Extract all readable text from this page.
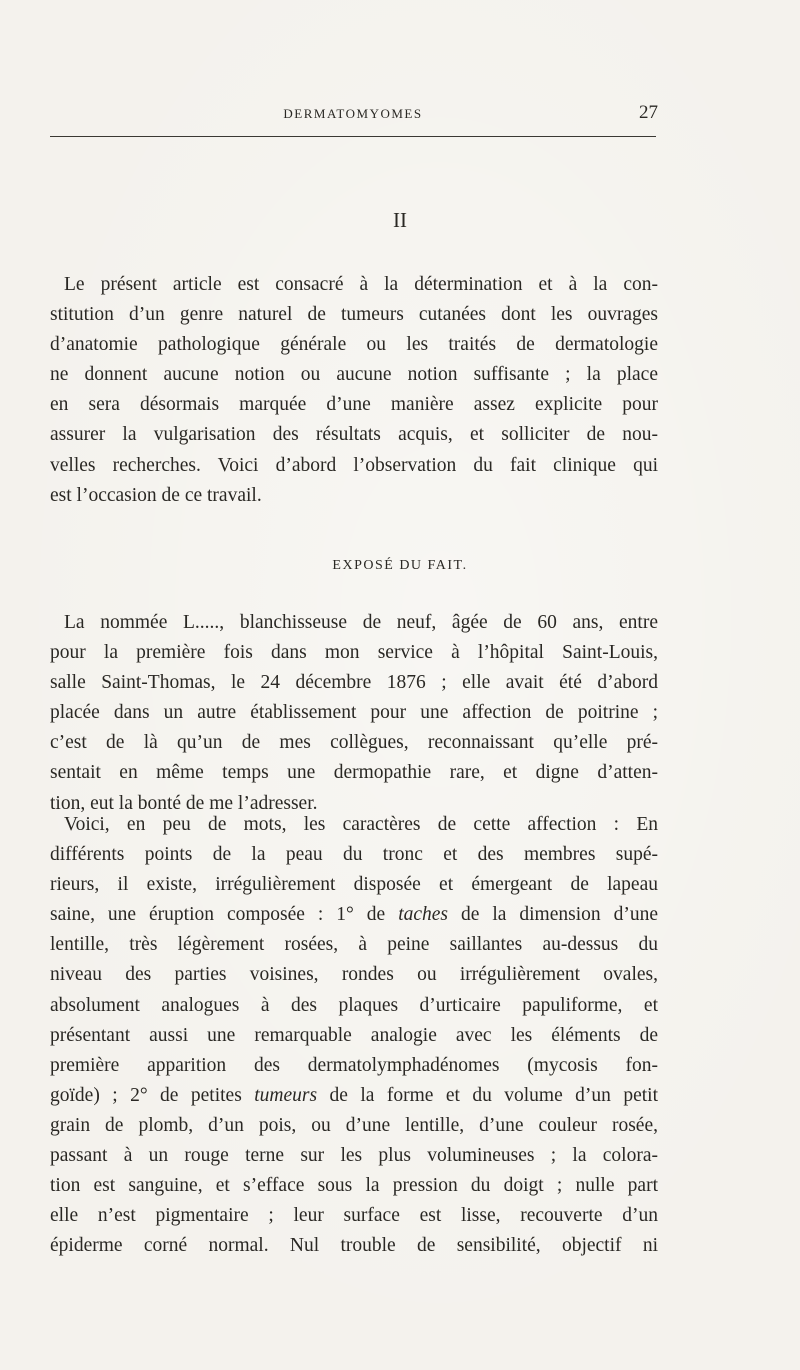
DERMATOMYOMES	27
II

Le présent article est consacré à la détermination et à la con-
stitution d’un genre naturel de tumeurs cutanées dont les ouvrages
d’anatomie pathologique générale ou les traités de dermatologie
ne donnent aucune notion ou aucune notion suffisante ; la place
en sera désormais marquée d’une manière assez explicite pour
assurer la vulgarisation des résultats acquis, et solliciter de nou-
velles recherches. Voici d’abord l’observation du fait clinique qui
est l’occasion de ce travail.

EXPOSÉ DU FAIT.

La nommée L....., blanchisseuse de neuf, âgée de 60 ans, entre
pour la première fois dans mon service à l’hôpital Saint-Louis,
salle Saint-Thomas, le 24 décembre 1876 ; elle avait été d’abord
placée dans un autre établissement pour une affection de poitrine ;
c’est de là qu’un de mes collègues, reconnaissant qu’elle pré-
sentait en même temps une dermopathie rare, et digne d’atten-
tion, eut la bonté de me l’adresser.

Voici, en peu de mots, les caractères de cette affection : En
différents points de la peau du tronc et des membres supé-
rieurs, il existe, irrégulièrement disposée et émergeant de lapeau
saine, une éruption composée : 1° de taches de la dimension d’une
lentille, très légèrement rosées, à peine saillantes au-dessus du
niveau des parties voisines, rondes ou irrégulièrement ovales,
absolument analogues à des plaques d’urticaire papuliforme, et
présentant aussi une remarquable analogie avec les éléments de
première apparition des dermatolymphadénomes (mycosis fon-
goïde) ; 2° de petites tumeurs de la forme et du volume d’un petit
grain de plomb, d’un pois, ou d’une lentille, d’une couleur rosée,
passant à un rouge terne sur les plus volumineuses ; la colora-
tion est sanguine, et s’efface sous la pression du doigt ; nulle part
elle n’est pigmentaire ; leur surface est lisse, recouverte d’un
épiderme corné normal. Nul trouble de sensibilité, objectif ni
